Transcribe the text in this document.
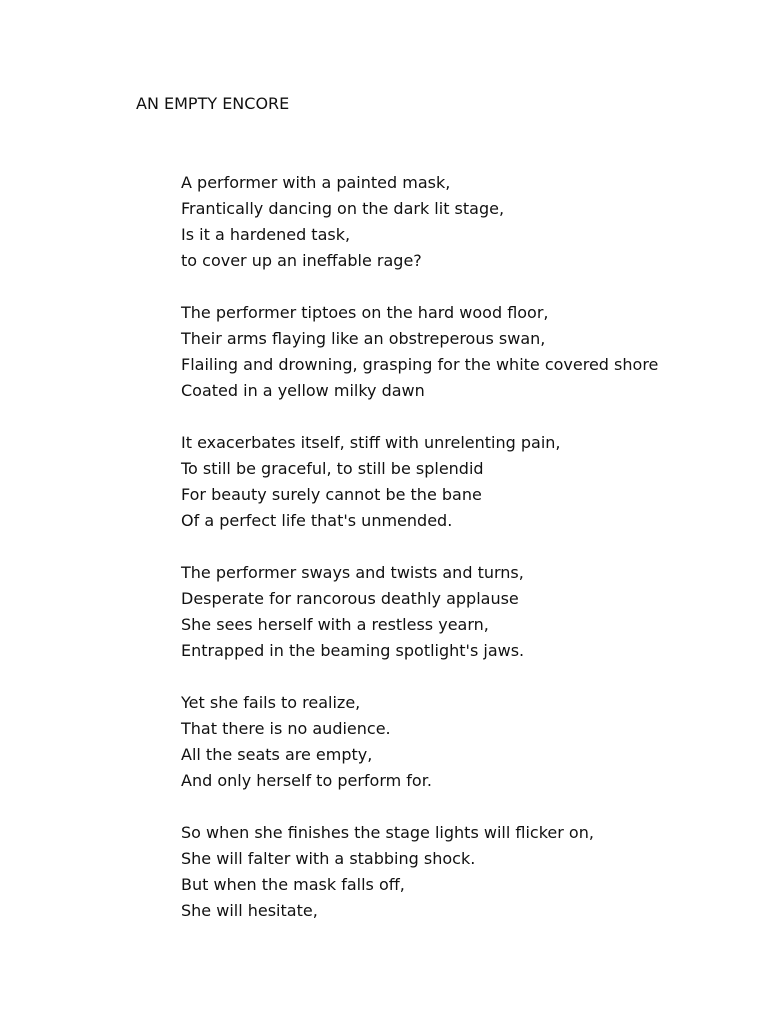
AN EMPTY ENCORE
A performer with a painted mask,
Frantically dancing on the dark lit stage,
Is it a hardened task,
to cover up an ineffable rage?
The performer tiptoes on the hard wood floor,
Their arms flaying like an obstreperous swan,
Flailing and drowning, grasping for the white covered shore
Coated in a yellow milky dawn
It exacerbates itself, stiff with unrelenting pain,
To still be graceful, to still be splendid
For beauty surely cannot be the bane
Of a perfect life that's unmended.
The performer sways and twists and turns,
Desperate for rancorous deathly applause
She sees herself with a restless yearn,
Entrapped in the beaming spotlight's jaws.
Yet she fails to realize,
That there is no audience.
All the seats are empty,
And only herself to perform for.
So when she finishes the stage lights will flicker on,
She will falter with a stabbing shock.
But when the mask falls off,
She will hesitate,
